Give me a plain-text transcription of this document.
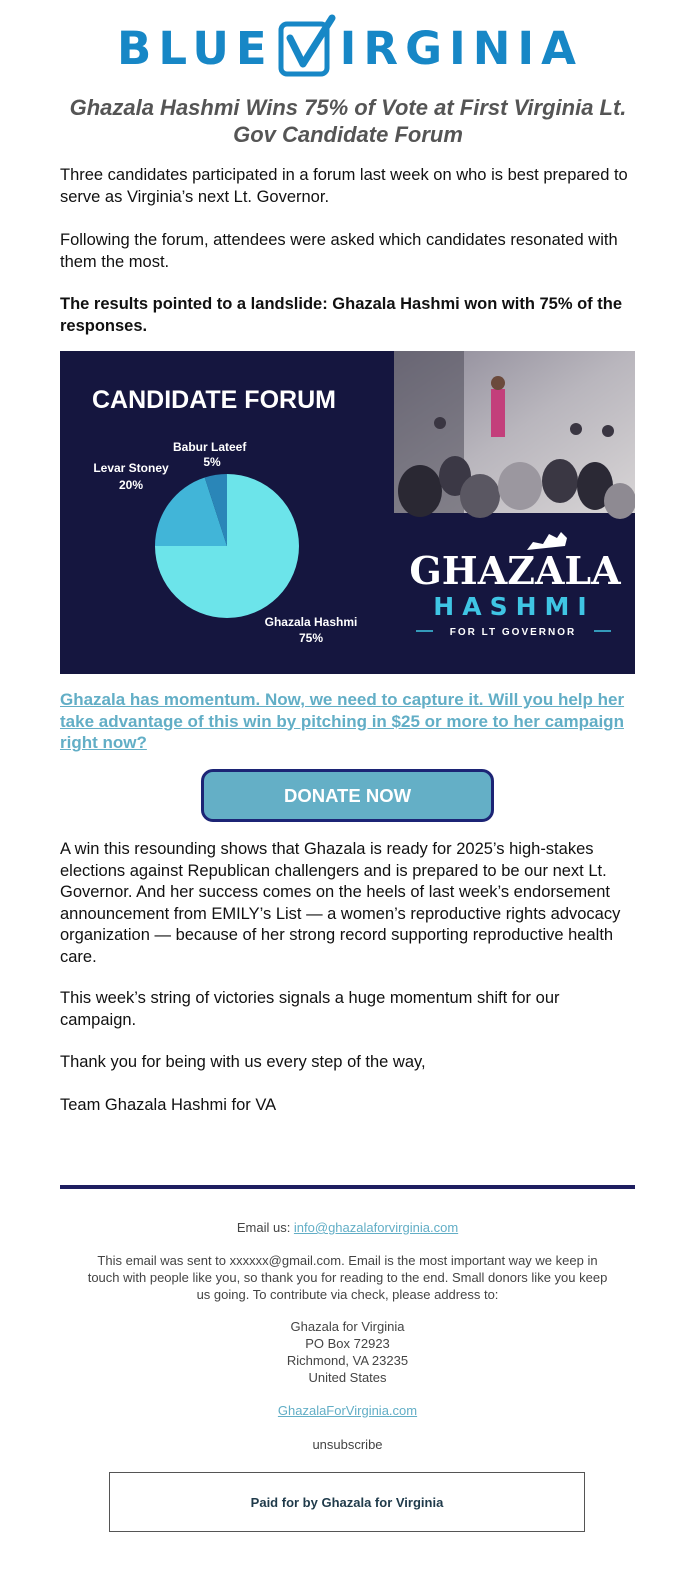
BLUE IRGINIA
Ghazala Hashmi Wins 75% of Vote at First Virginia Lt. Gov Candidate Forum

Three candidates participated in a forum last week on who is best prepared to serve as Virginia’s next Lt. Governor.

Following the forum, attendees were asked which candidates resonated with them the most.

The results pointed to a landslide: Ghazala Hashmi won with 75% of the responses.

CANDIDATE FORUM
Babur Lateef
5%
Levar Stoney
20%
Ghazala Hashmi
75%
GHAZALA
HASHMI
FOR LT GOVERNOR
Ghazala has momentum. Now, we need to capture it. Will you help her take advantage of this win by pitching in $25 or more to her campaign right now?
DONATE NOW

A win this resounding shows that Ghazala is ready for 2025’s high-stakes elections against Republican challengers and is prepared to be our next Lt. Governor. And her success comes on the heels of last week’s endorsement announcement from EMILY’s List — a women’s reproductive rights advocacy organization — because of her strong record supporting reproductive health care.

This week’s string of victories signals a huge momentum shift for our campaign.

Thank you for being with us every step of the way,

Team Ghazala Hashmi for VA

Email us: info@ghazalaforvirginia.com
This email was sent to xxxxxx@gmail.com. Email is the most important way we keep in touch with people like you, so thank you for reading to the end. Small donors like you keep us going. To contribute via check, please address to:
Ghazala for Virginia
PO Box 72923
Richmond, VA 23235
United States
GhazalaForVirginia.com
unsubscribe
Paid for by Ghazala for Virginia
